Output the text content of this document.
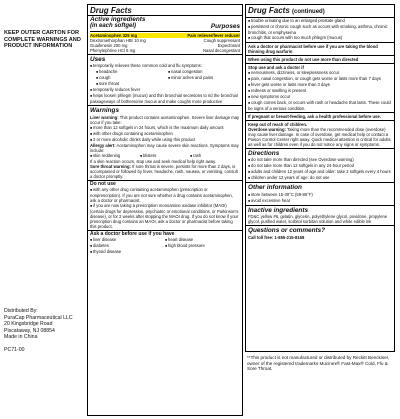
KEEP OUTER CARTON FOR COMPLETE WARNINGS AND PRODUCT INFORMATION
Distributed By:
PuraCap Pharmaceutical LLC
20 Kingsbridge Road
Piscataway, NJ 08854
Made in China
PC71-00
Drug Facts
Active ingredients
(in each softgel)	Purposes
Acetaminophen 325 mg	Pain reliever/fever reducer
Dextromethorphan HBr 10 mg	Cough suppressant
Guaifenesin 200 mg	Expectorant
Phenylephrine HCl 5 mg	Nasal decongestant
Uses
■ temporarily relieves these common cold and flu symptoms:
■ headache	■ nasal congestion
■ cough	■ minor aches and pains
■ sore throat
■ temporarily reduces fever
■ helps loosen phlegm (mucus) and thin bronchial secretions to rid the bronchial passageways of bothersome mucus and make coughs more productive
Warnings

Liver warning: This product contains acetaminophen. Severe liver damage may occur if you take:

■ more than 12 softgels in 24 hours, which is the maximum daily amount
■ with other drugs containing acetaminophen
■ 3 or more alcoholic drinks daily while using this product

Allergy alert: Acetaminophen may cause severe skin reactions. Symptoms may include:

■ skin reddening	■ blisters	■ rash

If a skin reaction occurs, stop use and seek medical help right away.

Sore throat warning: If sore throat is severe, persists for more than 2 days, is accompanied or followed by fever, headache, rash, nausea, or vomiting, consult a doctor promptly.

Do not use
■ with any other drug containing acetaminophen (prescription or nonprescription). If you are not sure whether a drug contains acetaminophen, ask a doctor or pharmacist.
■ if you are now taking a prescription monoamine oxidase inhibitor (MAOI) (certain drugs for depression, psychiatric or emotional conditions, or Parkinson's disease), or for 2 weeks after stopping the MAOI drug. If you do not know if your prescription drug contains an MAOI, ask a doctor or pharmacist before taking this product.
Ask a doctor before use if you have
■ liver disease	■ heart disease
■ diabetes	■ high blood pressure
■ thyroid disease
Drug Facts (continued)
■ trouble urinating due to an enlarged prostate gland
■ persistent or chronic cough such as occurs with smoking, asthma, chronic bronchitis, or emphysema
■ cough that occurs with too much phlegm (mucus)
Ask a doctor or pharmacist before use if you are taking the blood thinning drug warfarin
When using this product do not use more than directed
Stop use and ask a doctor if
■ nervousness, dizziness, or sleeplessness occur
■ pain, nasal congestion, or cough gets worse or lasts more than 7 days
■ fever gets worse or lasts more than 3 days
■ redness or swelling is present
■ new symptoms occur
■ cough comes back, or occurs with rash or headache that lasts. These could be signs of a serious condition.
If pregnant or breast-feeding, ask a health professional before use.
Keep out of reach of children.

Overdose warning: Taking more than the recommended dose (overdose) may cause liver damage. In case of overdose, get medical help or contact a Poison Control Center right away. Quick medical attention is critical for adults as well as for children even if you do not notice any signs or symptoms.

Directions
■ do not take more than directed (see Overdose warning)
■ do not take more than 12 softgels in any 24-hour period
■ adults and children 12 years of age and older: take 2 softgels every 4 hours
■ children under 12 years of age: do not use
Other information
■ store between 15-30°C (59-86°F)
■ avoid excessive heat
Inactive ingredients

FD&C yellow #6, gelatin, glycerin, polyethylene glycol, povidone, propylene glycol, purified water, sorbitol sorbitan solution and white edible ink

Questions or comments?

Call toll free: 1-855-215-8168

**This product is not manufactured or distributed by Reckitt Benckiser, owner of the registered trademarks Mucinex® Fast-Max® Cold, Flu & Sore Throat.
